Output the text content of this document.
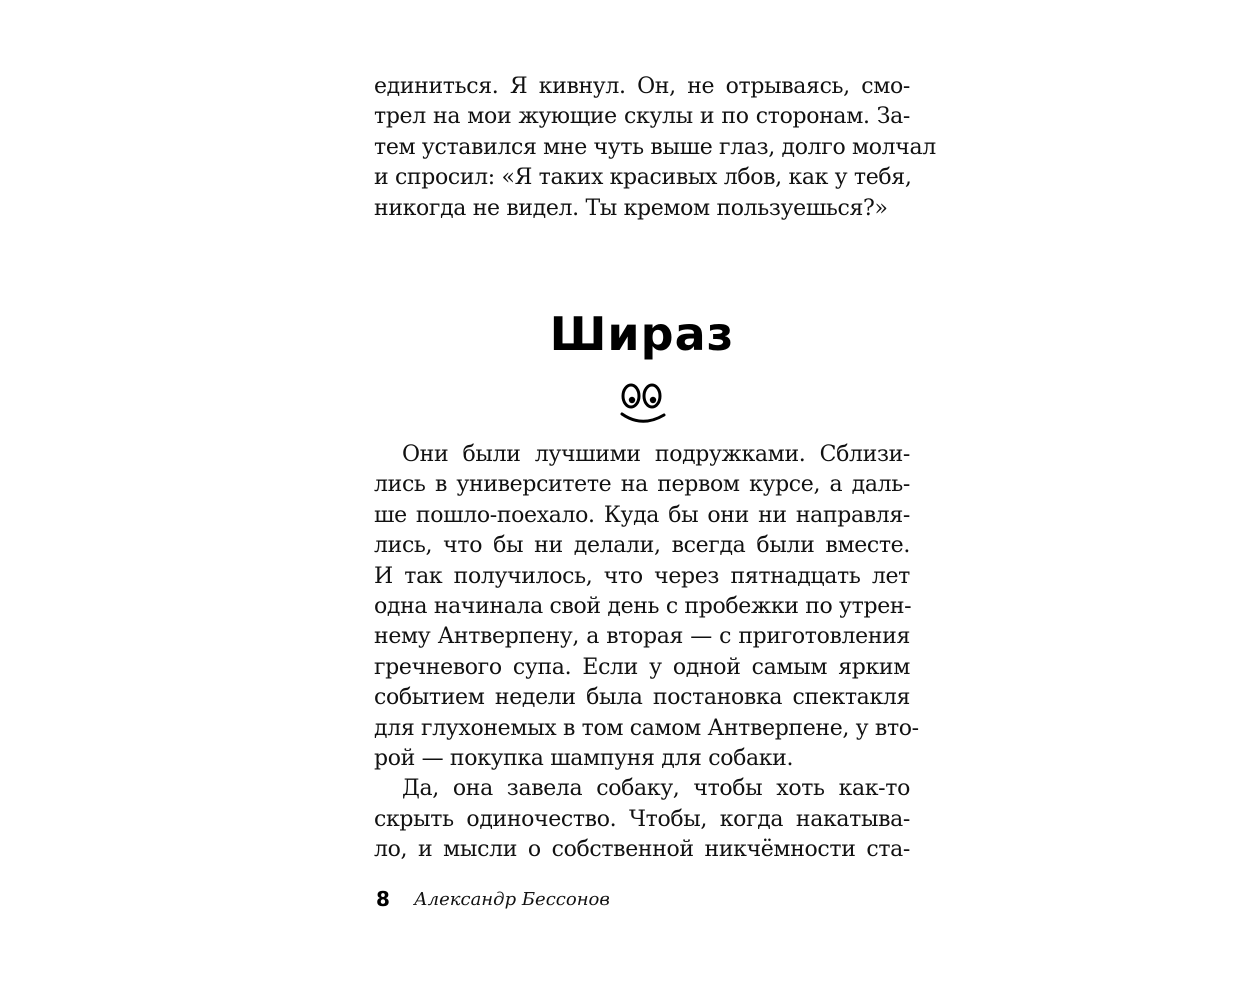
единиться. Я кивнул. Он, не отрываясь, смо-
трел на мои жующие скулы и по сторонам. За-
тем уставился мне чуть выше глаз, долго молчал
и спросил: «Я таких красивых лбов, как у тебя,
никогда не видел. Ты кремом пользуешься?»
Шираз
Они были лучшими подружками. Сблизи-
лись в университете на первом курсе, а даль-
ше пошло-поехало. Куда бы они ни направля-
лись, что бы ни делали, всегда были вместе.
И так получилось, что через пятнадцать лет
одна начинала свой день с пробежки по утрен-
нему Антверпену, а вторая — с приготовления
гречневого супа. Если у одной самым ярким
событием недели была постановка спектакля
для глухонемых в том самом Антверпене, у вто-
рой — покупка шампуня для собаки.
Да, она завела собаку, чтобы хоть как-то
скрыть одиночество. Чтобы, когда накатыва-
ло, и мысли о собственной никчёмности ста-
8 Александр Бессонов
